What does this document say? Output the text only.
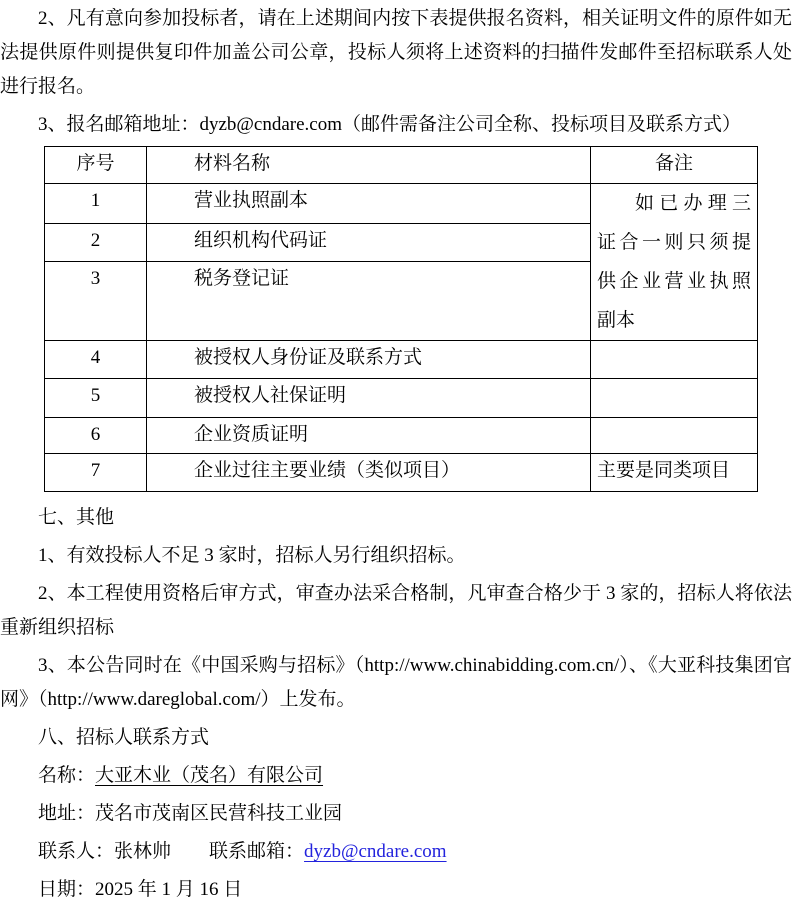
2、凡有意向参加投标者，请在上述期间内按下表提供报名资料，相关证明文件的原件如无法提供原件则提供复印件加盖公司公章，投标人须将上述资料的扫描件发邮件至招标联系人处进行报名。

3、报名邮箱地址：dyzb@cndare.com（邮件需备注公司全称、投标项目及联系方式）

序号	材料名称	备注
1	营业执照副本	如已办理三
证合一则只须提
供企业营业执照
副本

2	组织机构代码证	
3	税务登记证	
4	被授权人身份证及联系方式	
5	被授权人社保证明	
6	企业资质证明	
7	企业过往主要业绩（类似项目）	主要是同类项目

七、其他

1、有效投标人不足 3 家时，招标人另行组织招标。

2、本工程使用资格后审方式，审查办法采合格制，凡审查合格少于 3 家的，招标人将依法重新组织招标

3、本公告同时在《中国采购与招标》（http://www.chinabidding.com.cn/）、《大亚科技集团官网》（http://www.dareglobal.com/）上发布。

八、招标人联系方式

名称：大亚木业（茂名）有限公司

地址：茂名市茂南区民营科技工业园

联系人：张林帅 联系邮箱：dyzb@cndare.com

日期：2025 年 1 月 16 日
